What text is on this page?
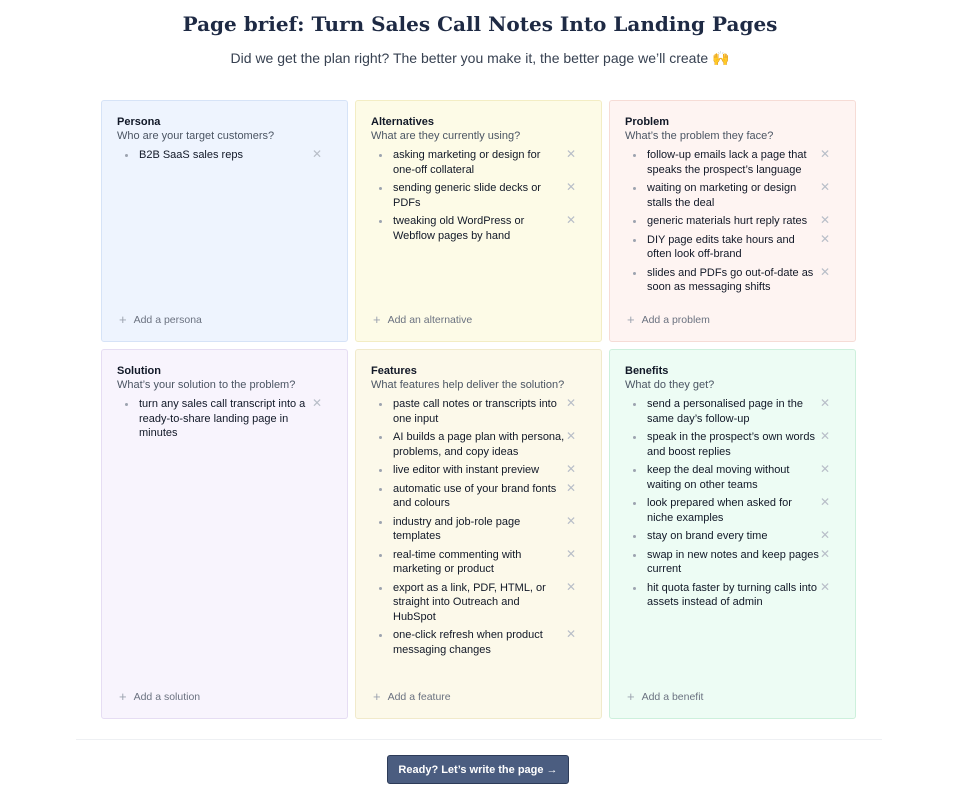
Page brief: Turn Sales Call Notes Into Landing Pages
Did we get the plan right? The better you make it, the better page we’ll create 🙌
Persona
Who are your target customers?
B2B SaaS sales reps	✕
+ Add a persona
Alternatives
What are they currently using?
asking marketing or design for one-off collateral
✕
sending generic slide decks or PDFs
✕
tweaking old WordPress or Webflow pages by hand
✕
+ Add an alternative
Problem
What’s the problem they face?
follow-up emails lack a page that speaks the prospect’s language
✕
waiting on marketing or design stalls the deal
✕
generic materials hurt reply rates	✕
DIY page edits take hours and often look off-brand
✕
slides and PDFs go out-of-date as soon as messaging shifts
✕
+ Add a problem
Solution
What’s your solution to the problem?
turn any sales call transcript into a ready-to-share landing page in minutes
✕
+ Add a solution
Features
What features help deliver the solution?
paste call notes or transcripts into one input
✕
AI builds a page plan with persona, problems, and copy ideas
✕
live editor with instant preview	✕
automatic use of your brand fonts and colours
✕
industry and job-role page templates
✕
real-time commenting with marketing or product
✕
export as a link, PDF, HTML, or straight into Outreach and HubSpot
✕
one-click refresh when product messaging changes
✕
+ Add a feature
Benefits
What do they get?
send a personalised page in the same day’s follow-up
✕
speak in the prospect’s own words and boost replies
✕
keep the deal moving without waiting on other teams
✕
look prepared when asked for niche examples
✕
stay on brand every time	✕
swap in new notes and keep pages current
✕
hit quota faster by turning calls into assets instead of admin
✕
+ Add a benefit
Ready? Let’s write the page →
